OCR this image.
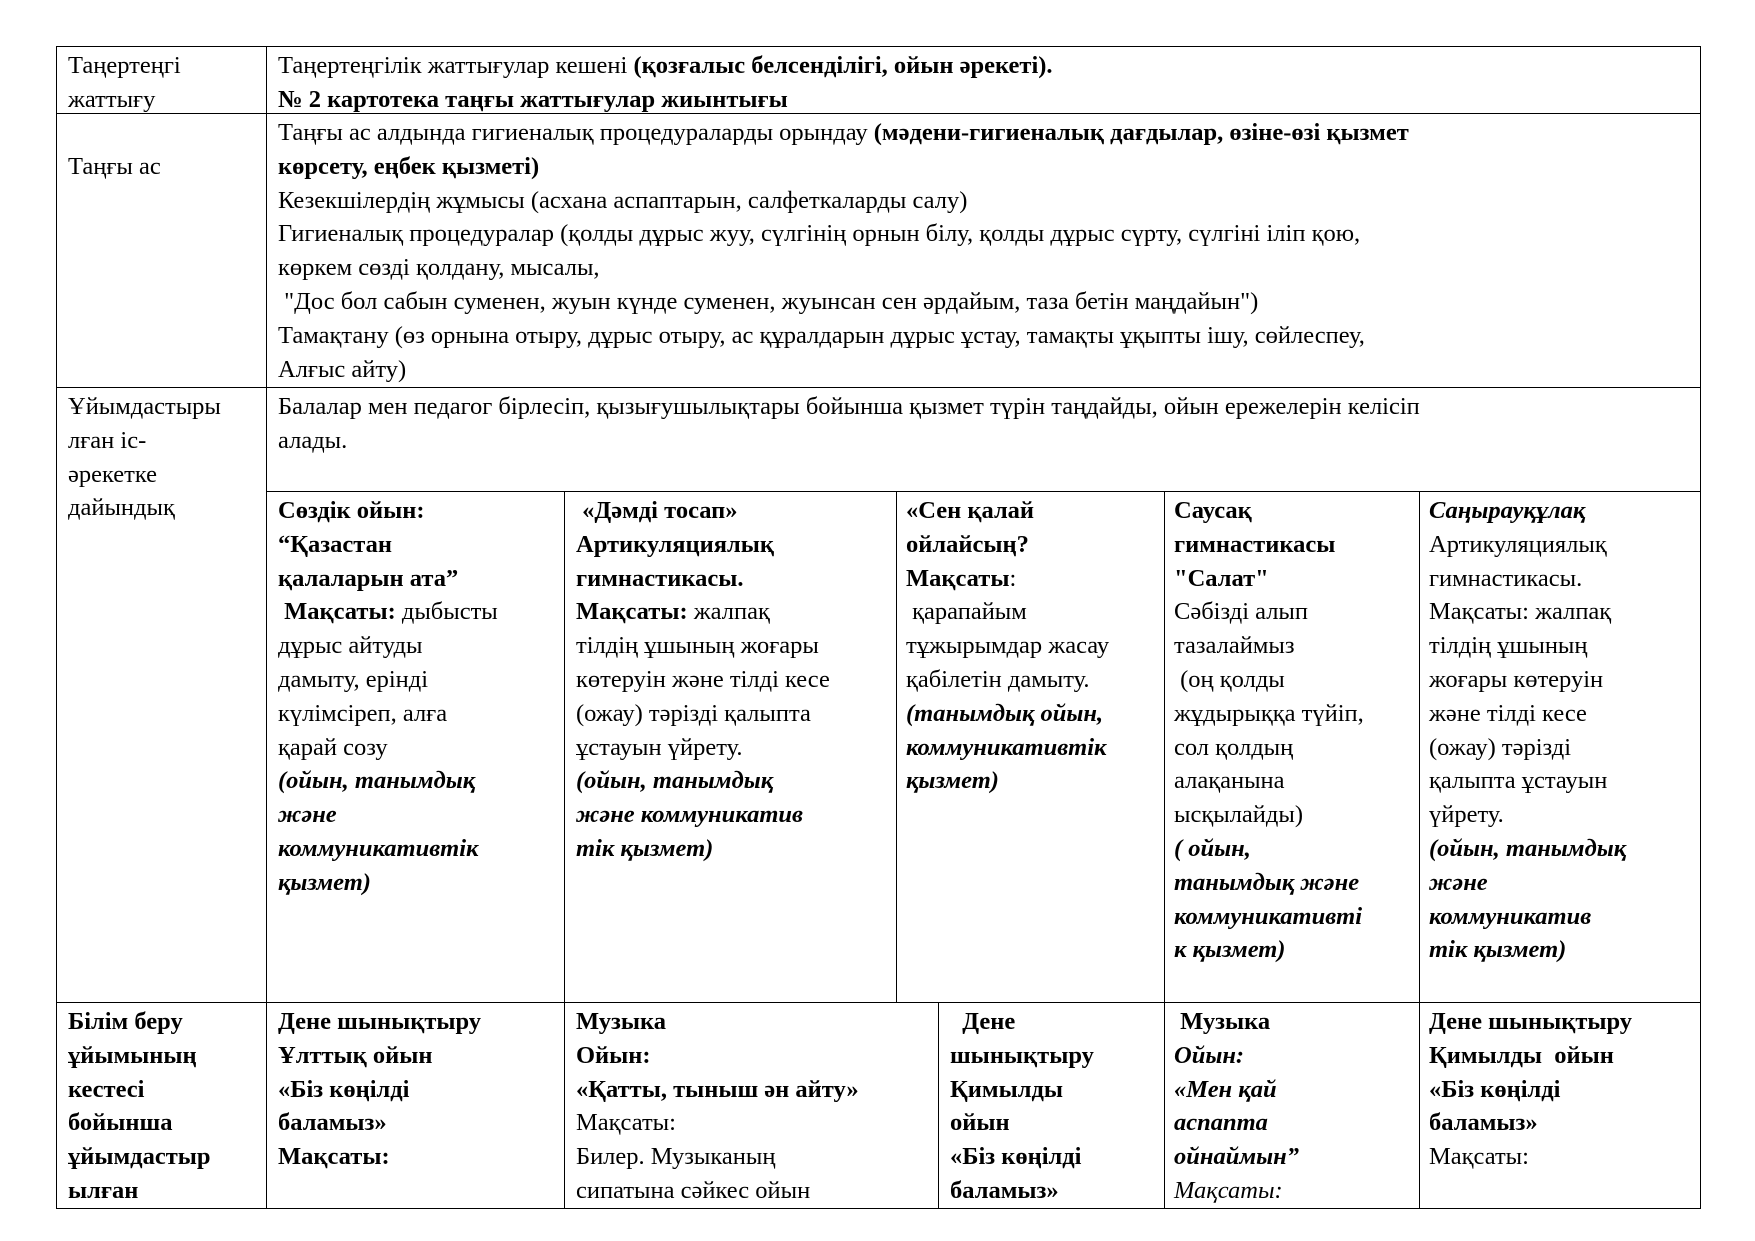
Таңертеңгі
жаттығу
Таңертеңгілік жаттығулар кешені (қозғалыс белсенділігі, ойын әрекеті).
№ 2 картотека таңғы жаттығулар жиынтығы
Таңғы ас
Таңғы ас алдында гигиеналық процедураларды орындау (мәдени-гигиеналық дағдылар, өзіне-өзі қызмет
көрсету, еңбек қызметі)
Кезекшілердің жұмысы (асхана аспаптарын, салфеткаларды салу)
Гигиеналық процедуралар (қолды дұрыс жуу, сүлгінің орнын білу, қолды дұрыс сүрту, сүлгіні іліп қою,
көркем сөзді қолдану, мысалы,
"Дос бол сабын суменен, жуын күнде суменен, жуынсан сен әрдайым, таза бетін маңдайын")
Тамақтану (өз орнына отыру, дұрыс отыру, ас құралдарын дұрыс ұстау, тамақты ұқыпты ішу, сөйлеспеу,
Алғыс айту)
Ұйымдастыры
лған іс-
әрекетке
дайындық
Балалар мен педагог бірлесіп, қызығушылықтары бойынша қызмет түрін таңдайды, ойын ережелерін келісіп
алады.
Сөздік ойын:
“Қазастан
қалаларын ата”
Мақсаты: дыбысты
дұрыс айтуды
дамыту, ерінді
күлімсіреп, алға
қарай созу
(ойын, танымдық
және
коммуникативтік
қызмет)
«Дәмді тосап»
Артикуляциялық
гимнастикасы.
Мақсаты: жалпақ
тілдің ұшының жоғары
көтеруін және тілді кесе
(ожау) тәрізді қалыпта
ұстауын үйрету.
(ойын, танымдық
және коммуникатив
тік қызмет)
«Сен қалай
ойлайсың?
Мақсаты:
қарапайым
тұжырымдар жасау
қабілетін дамыту.
(танымдық ойын,
коммуникативтік
қызмет)
Саусақ
гимнастикасы
"Салат"
Сәбізді алып
тазалаймыз
(оң қолды
жұдырыққа түйіп,
сол қолдың
алақанына
ысқылайды)
( ойын,
танымдық және
коммуникативті
к қызмет)
Саңырауқұлақ
Артикуляциялық
гимнастикасы.
Мақсаты: жалпақ
тілдің ұшының
жоғары көтеруін
және тілді кесе
(ожау) тәрізді
қалыпта ұстауын
үйрету.
(ойын, танымдық
және
коммуникатив
тік қызмет)
Білім беру
ұйымының
кестесі
бойынша
ұйымдастыр
ылған
Дене шынықтыру
Ұлттық ойын
«Біз көңілді
баламыз»
Мақсаты:
Музыка
Ойын:
«Қатты, тыныш ән айту»
Мақсаты:
Билер. Музыканың
сипатына сәйкес ойын
Дене
шынықтыру
Қимылды
ойын
«Біз көңілді
баламыз»
Музыка
Ойын:
«Мен қай
аспапта
ойнаймын”
Мақсаты:
Дене шынықтыру
Қимылды  ойын
«Біз көңілді
баламыз»
Мақсаты:
